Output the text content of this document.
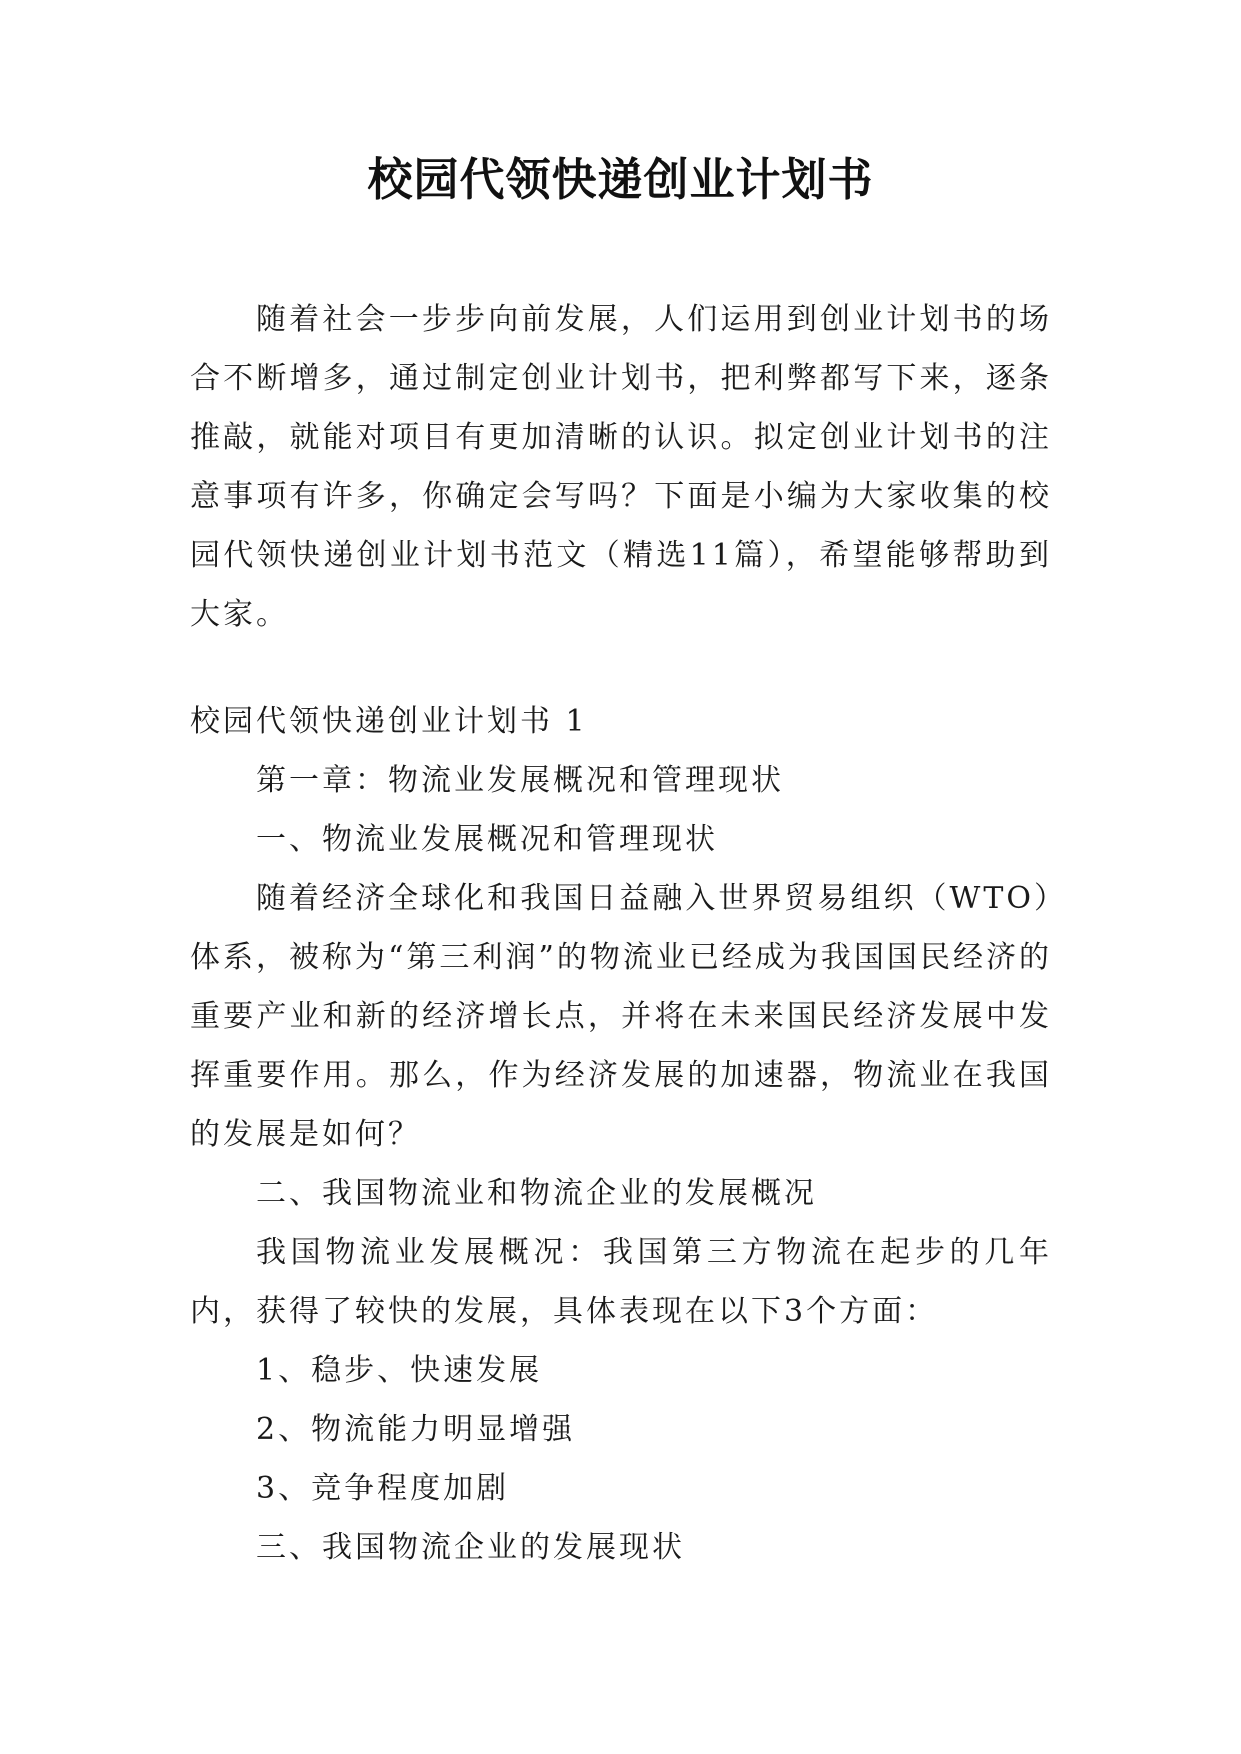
校园代领快递创业计划书

随着社会一步步向前发展，人们运用到创业计划书的场合不断增多，通过制定创业计划书，把利弊都写下来，逐条推敲，就能对项目有更加清晰的认识。拟定创业计划书的注意事项有许多，你确定会写吗？下面是小编为大家收集的校园代领快递创业计划书范文（精选11篇），希望能够帮助到大家。

校园代领快递创业计划书 1

第一章：物流业发展概况和管理现状

一、物流业发展概况和管理现状

随着经济全球化和我国日益融入世界贸易组织（WTO）体系，被称为“第三利润”的物流业已经成为我国国民经济的重要产业和新的经济增长点，并将在未来国民经济发展中发挥重要作用。那么，作为经济发展的加速器，物流业在我国的发展是如何？

二、我国物流业和物流企业的发展概况

我国物流业发展概况：我国第三方物流在起步的几年内，获得了较快的发展，具体表现在以下3个方面：

1、稳步、快速发展

2、物流能力明显增强

3、竞争程度加剧

三、我国物流企业的发展现状
